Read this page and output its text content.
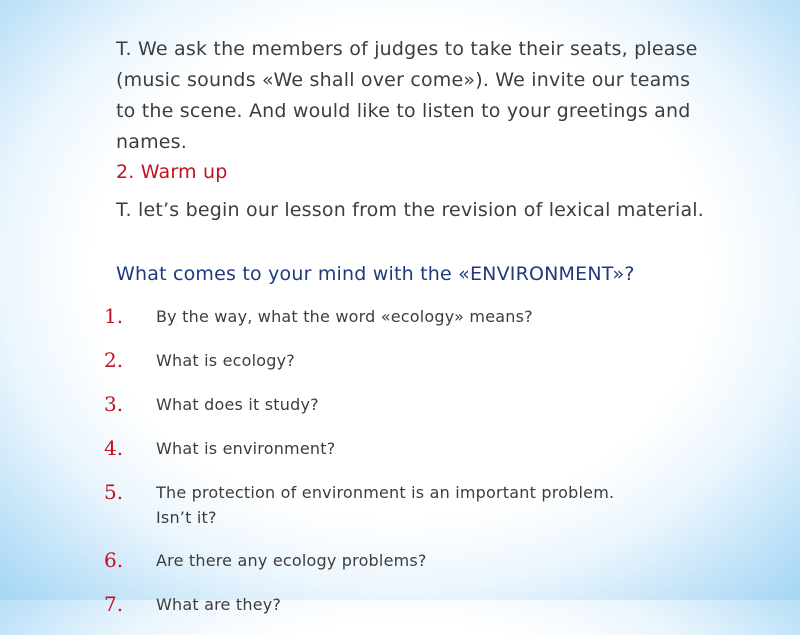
T. We ask the members of judges to take their seats, please (music sounds «We shall over come»). We invite our teams to the scene. And would like to listen to your greetings and names.

2. Warm up

T. let’s begin our lesson from the revision of lexical material.

What comes to your mind with the «ENVIRONMENT»?

1.	By the way, what the word «ecology» means?
2.	What is ecology?
3.	What does it study?
4.	What is environment?
5.	The protection of environment is an important problem. Isn’t it?
6.	Are there any ecology problems?
7.	What are they?
